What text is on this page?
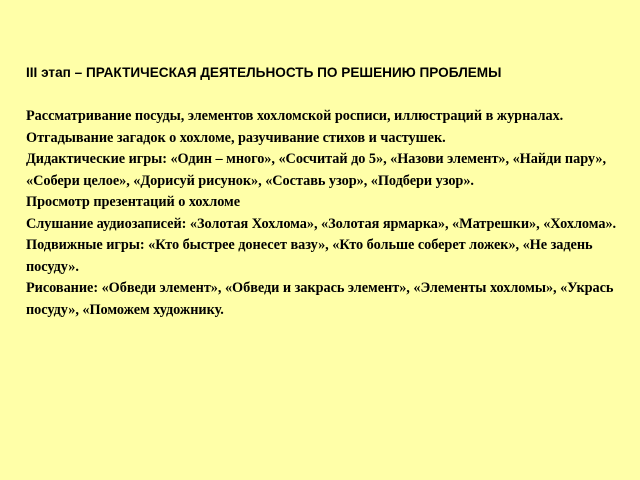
III этап – ПРАКТИЧЕСКАЯ ДЕЯТЕЛЬНОСТЬ ПО РЕШЕНИЮ ПРОБЛЕМЫ

Рассматривание посуды, элементов хохломской росписи, иллюстраций в журналах.

Отгадывание загадок о хохломе, разучивание стихов и частушек.

Дидактические игры: «Один – много», «Сосчитай до 5», «Назови элемент», «Найди пару», «Собери целое», «Дорисуй рисунок», «Составь узор», «Подбери узор».

Просмотр презентаций о хохломе

Слушание аудиозаписей: «Золотая Хохлома», «Золотая ярмарка», «Матрешки», «Хохлома».

Подвижные игры: «Кто быстрее донесет вазу», «Кто больше соберет ложек», «Не задень посуду».

Рисование: «Обведи элемент», «Обведи и закрась элемент», «Элементы хохломы», «Укрась посуду», «Поможем художнику.
